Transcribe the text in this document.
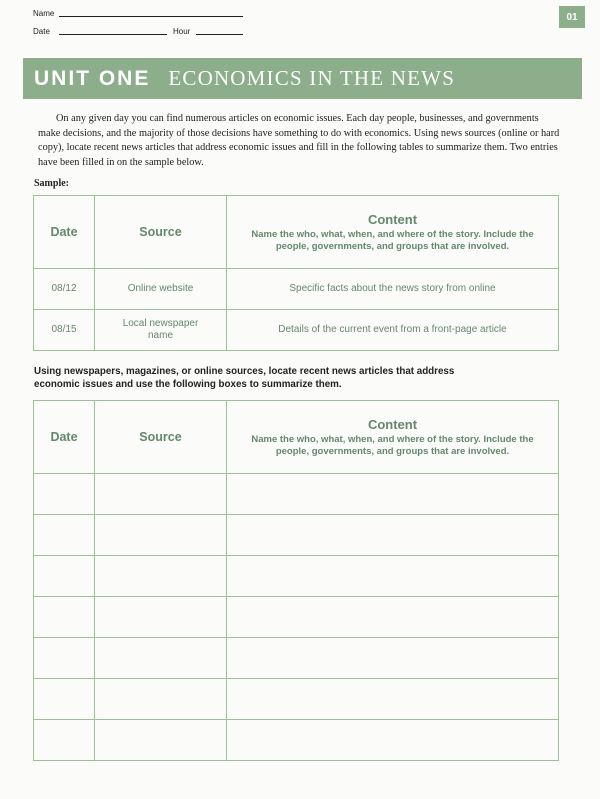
Name
Date	Hour
01
UNIT ONE ECONOMICS IN THE NEWS

On any given day you can find numerous articles on economic issues. Each day people, businesses, and governments make decisions, and the majority of those decisions have something to do with economics. Using news sources (online or hard copy), locate recent news articles that address economic issues and fill in the following tables to summarize them. Two entries have been filled in on the sample below.

Sample:
Date	Source	Content
Name the who, what, when, and where of the story. Include the people, governments, and groups that are involved.

08/12	Online website	Specific facts about the news story from online
08/15	Local newspaper name	Details of the current event from a front-page article

Using newspapers, magazines, or online sources, locate recent news articles that address economic issues and use the following boxes to summarize them.

Date	Source	Content
Name the who, what, when, and where of the story. Include the people, governments, and groups that are involved.
